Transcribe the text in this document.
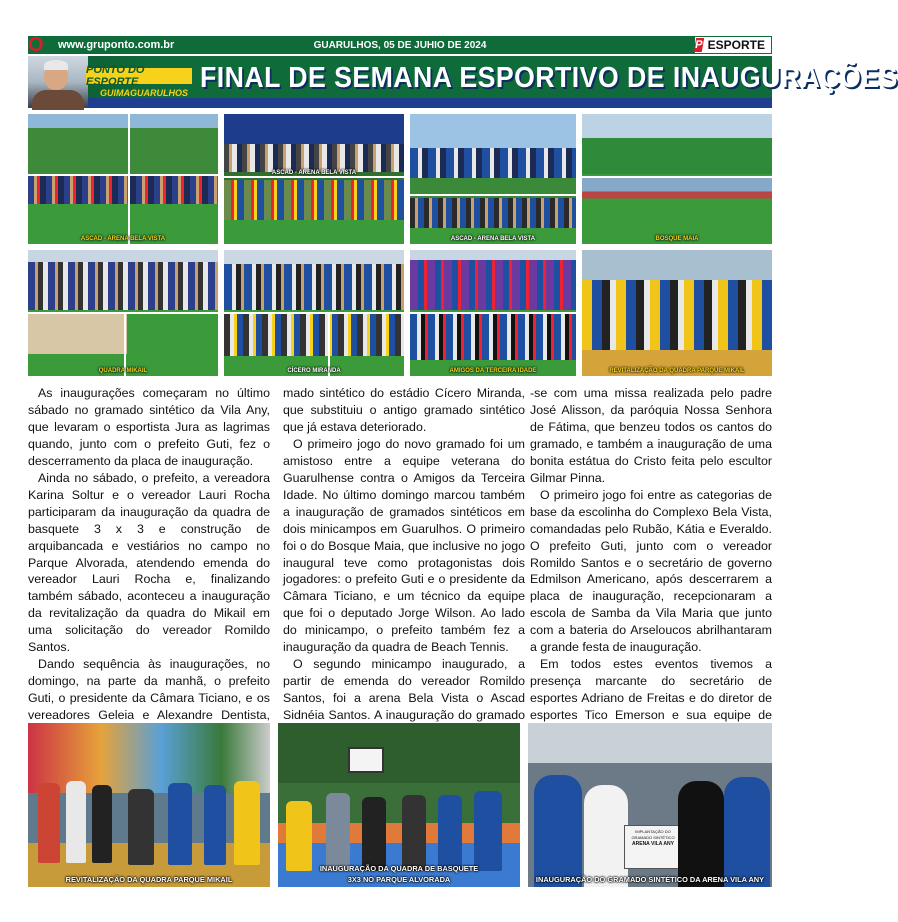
www.gruponto.com.br	GUARULHOS, 05 DE JUHIO DE 2024	P ESPORTE
O
PONTO DO ESPORTE
GUIMAGUARULHOS FINAL DE SEMANA ESPORTIVO DE INAUGURAÇÕES
ASCAD - ARENA BELA VISTA
ASCAD - ARENA BELA VISTA
ASCAD - ARENA BELA VISTA	BOSQUE MAIA
QUADRA MIKAIL	CÍCERO MIRANDA	AMIGOS DA TERCEIRA IDADE	REVITALIZAÇÃO DA QUADRA PARQUE MIKAIL

As inaugurações começaram no último sábado no gramado sintético da Vila Any, que levaram o esportista Jura as lagrimas quando, junto com o prefeito Guti, fez o descerramento da placa de inauguração.

Ainda no sábado, o prefeito, a vereadora Karina Soltur e o vereador Lauri Rocha participaram da inauguração da quadra de basquete 3 x 3 e construção de arquibancada e vestiários no campo no Parque Alvorada, atendendo emenda do vereador Lauri Rocha e, finalizando também sábado, aconteceu a inauguração da revitalização da quadra do Mikail em uma solicitação do vereador Romildo Santos.

Dando sequência às inaugurações, no domingo, na parte da manhã, o prefeito Guti, o presidente da Câmara Ticiano, e os vereadores Geleia e Alexandre Dentista,

mado sintético do estádio Cícero Miranda, que substituiu o antigo gramado sintético que já estava deteriorado.

O primeiro jogo do novo gramado foi um amistoso entre a equipe veterana do Guarulhense contra o Amigos da Terceira Idade. No último domingo marcou também a inauguração de gramados sintéticos em dois minicampos em Guarulhos. O primeiro foi o do Bosque Maia, que inclusive no jogo inaugural teve como protagonistas dois jogadores: o prefeito Guti e o presidente da Câmara Ticiano, e um técnico da equipe que foi o deputado Jorge Wilson. Ao lado do minicampo, o prefeito também fez a inauguração da quadra de Beach Tennis.

O segundo minicampo inaugurado, a partir de emenda do vereador Romildo Santos, foi a arena Bela Vista o Ascad Sidnéia Santos. A inauguração do gramado

-se com uma missa realizada pelo padre José Alisson, da paróquia Nossa Senhora de Fátima, que benzeu todos os cantos do gramado, e também a inauguração de uma bonita estátua do Cristo feita pelo escultor Gilmar Pinna.

O primeiro jogo foi entre as categorias de base da escolinha do Complexo Bela Vista, comandadas pelo Rubão, Kátia e Everaldo. O prefeito Guti, junto com o vereador Romildo Santos e o secretário de governo Edmilson Americano, após descerrarem a placa de inauguração, recepcionaram a escola de Samba da Vila Maria que junto com a bateria do Arseloucos abrilhantaram a grande festa de inauguração.

Em todos estes eventos tivemos a presença marcante do secretário de esportes Adriano de Freitas e do diretor de esportes Tico Emerson e sua equipe de

REVITALIZAÇÃO DA QUADRA PARQUE MIKAIL
INAUGURAÇÃO DA QUADRA DE BASQUETE
3X3 NO PARQUE ALVORADA
IMPLANTAÇÃO DO
GRAMADO SINTÉTICO
ARENA VILA ANY
INAUGURAÇÃO DO GRAMADO SINTÉTICO DA ARENA VILA ANY
